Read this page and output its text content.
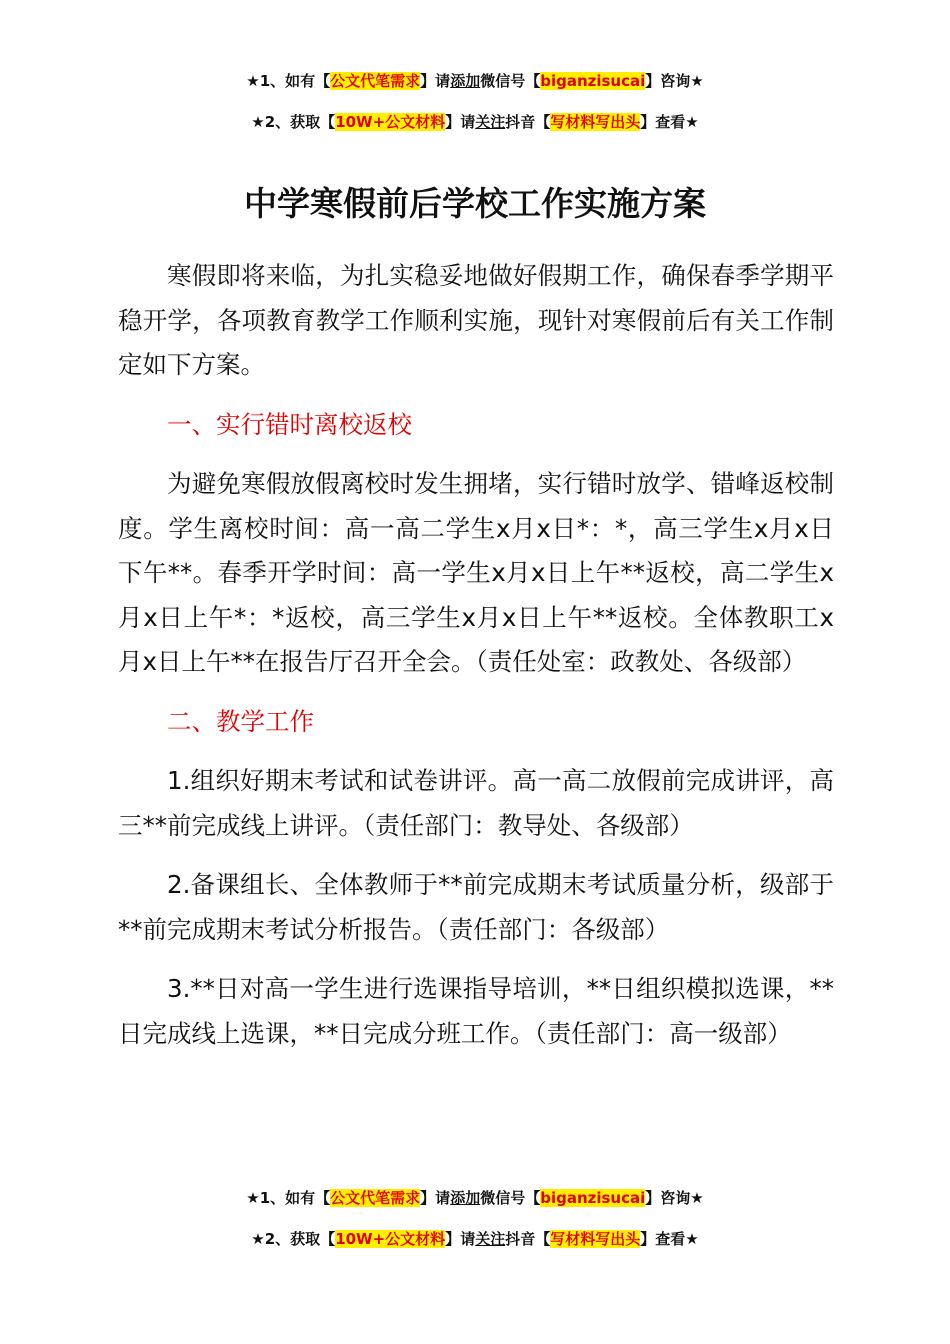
★1、如有【公文代笔需求】请添加微信号【biganzisucai】咨询★
★2、获取【10W+公文材料】请关注抖音【写材料写出头】查看★
中学寒假前后学校工作实施方案

寒假即将来临，为扎实稳妥地做好假期工作，确保春季学期平稳开学，各项教育教学工作顺利实施，现针对寒假前后有关工作制定如下方案。

一、实行错时离校返校

为避免寒假放假离校时发生拥堵，实行错时放学、错峰返校制度。学生离校时间：高一高二学生x月x日*：*，高三学生x月x日下午**。春季开学时间：高一学生x月x日上午**返校，高二学生x月x日上午*：*返校，高三学生x月x日上午**返校。全体教职工x月x日上午**在报告厅召开全会。（责任处室：政教处、各级部）

二、教学工作

1.组织好期末考试和试卷讲评。高一高二放假前完成讲评，高三**前完成线上讲评。（责任部门：教导处、各级部）

2.备课组长、全体教师于**前完成期末考试质量分析，级部于**前完成期末考试分析报告。（责任部门：各级部）

3.**日对高一学生进行选课指导培训，**日组织模拟选课，**日完成线上选课，**日完成分班工作。（责任部门：高一级部）

★1、如有【公文代笔需求】请添加微信号【biganzisucai】咨询★
★2、获取【10W+公文材料】请关注抖音【写材料写出头】查看★
